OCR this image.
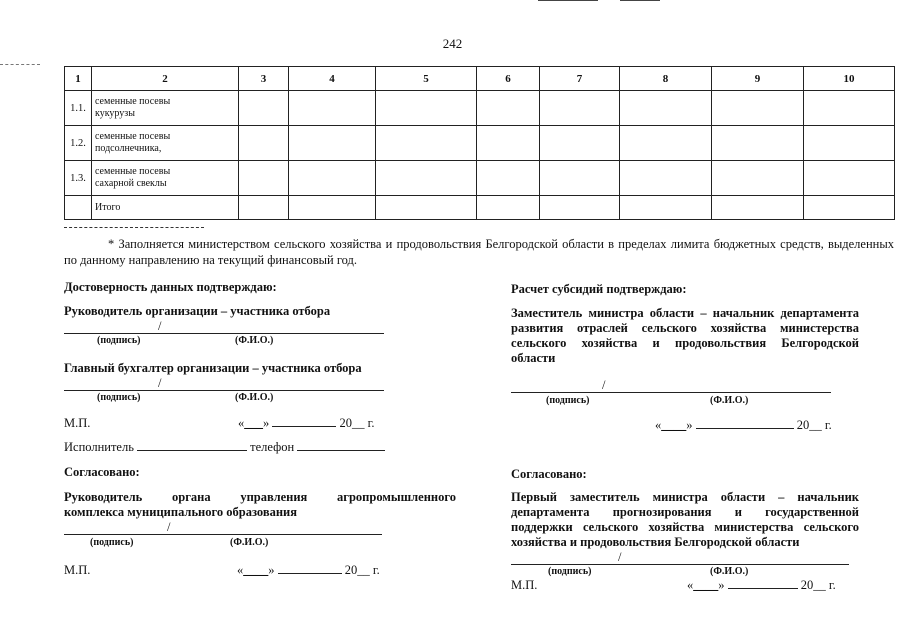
242
1	2	3	4	5	6	7	8	9	10
1.1.	семенные посевы
кукурузы								
1.2.	семенные посевы
подсолнечника,								
1.3.	семенные посевы
сахарной свеклы								
	Итого								
* Заполняется министерством сельского хозяйства и продовольствия Белгородской области в пределах лимита бюджетных средств, выделенных по данному направлению на текущий финансовый год.
Достоверность данных подтверждаю:
Руководитель организации – участника отбора
/
(подпись)	(Ф.И.О.)
Главный бухгалтер организации – участника отбора
/
(подпись)	(Ф.И.О.)
М.П.	«___»	20__ г.
Исполнитель	телефон
Согласовано:
Руководитель органа управления агропромышленного
комплекса муниципального образования
/
(подпись)	(Ф.И.О.)
М.П.	«____»	20__ г.
Расчет субсидий подтверждаю:
Заместитель министра области – начальник департамента
развития отраслей сельского хозяйства министерства
сельского хозяйства и продовольствия Белгородской
области
/
(подпись)	(Ф.И.О.)
«____»	20__ г.
Согласовано:
Первый заместитель министра области – начальник
департамента прогнозирования и государственной
поддержки сельского хозяйства министерства сельского
хозяйства и продовольствия Белгородской области
/
(подпись)	(Ф.И.О.)
М.П.	«____»	20__ г.
